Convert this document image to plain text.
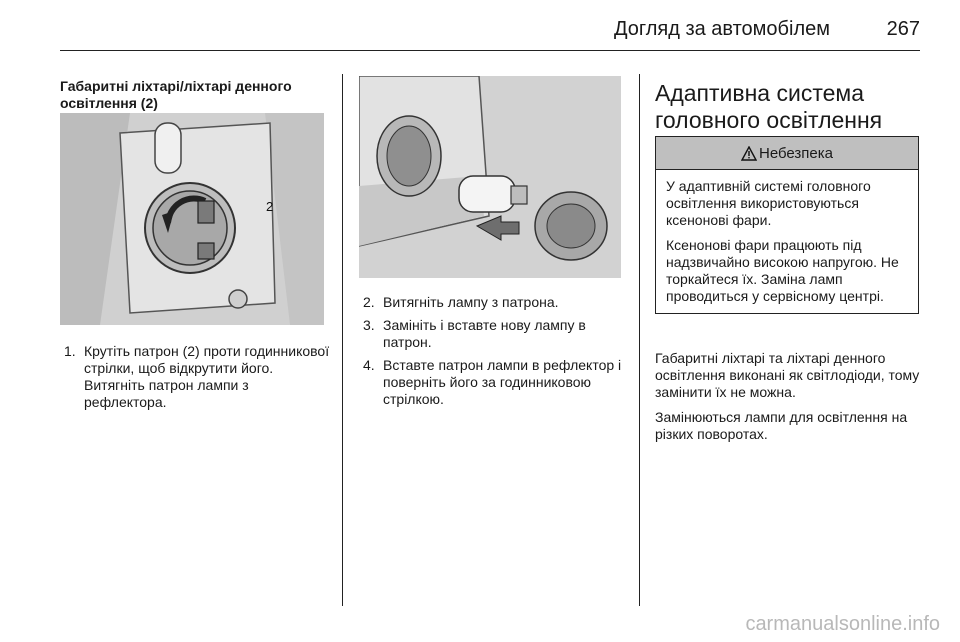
Догляд за автомобілем	267
Габаритні ліхтарі/ліхтарі денного освітлення (2)
2
1. Крутіть патрон (2) проти годинникової стрілки, щоб відкрутити його. Витягніть патрон лампи з рефлектора.
2. Витягніть лампу з патрона.
3. Замініть і вставте нову лампу в патрон.
4. Вставте патрон лампи в рефлектор і поверніть його за годинниковою стрілкою.
Адаптивна система головного освітлення
Небезпека

У адаптивній системі головного освітлення використовуються ксенонові фари.

Ксенонові фари працюють під надзвичайно високою напругою. Не торкайтеся їх. Заміна ламп проводиться у сервісному центрі.

Габаритні ліхтарі та ліхтарі денного освітлення виконані як світлодіоди, тому замінити їх не можна.

Замінюються лампи для освітлення на різких поворотах.

carmanualsonline.info
